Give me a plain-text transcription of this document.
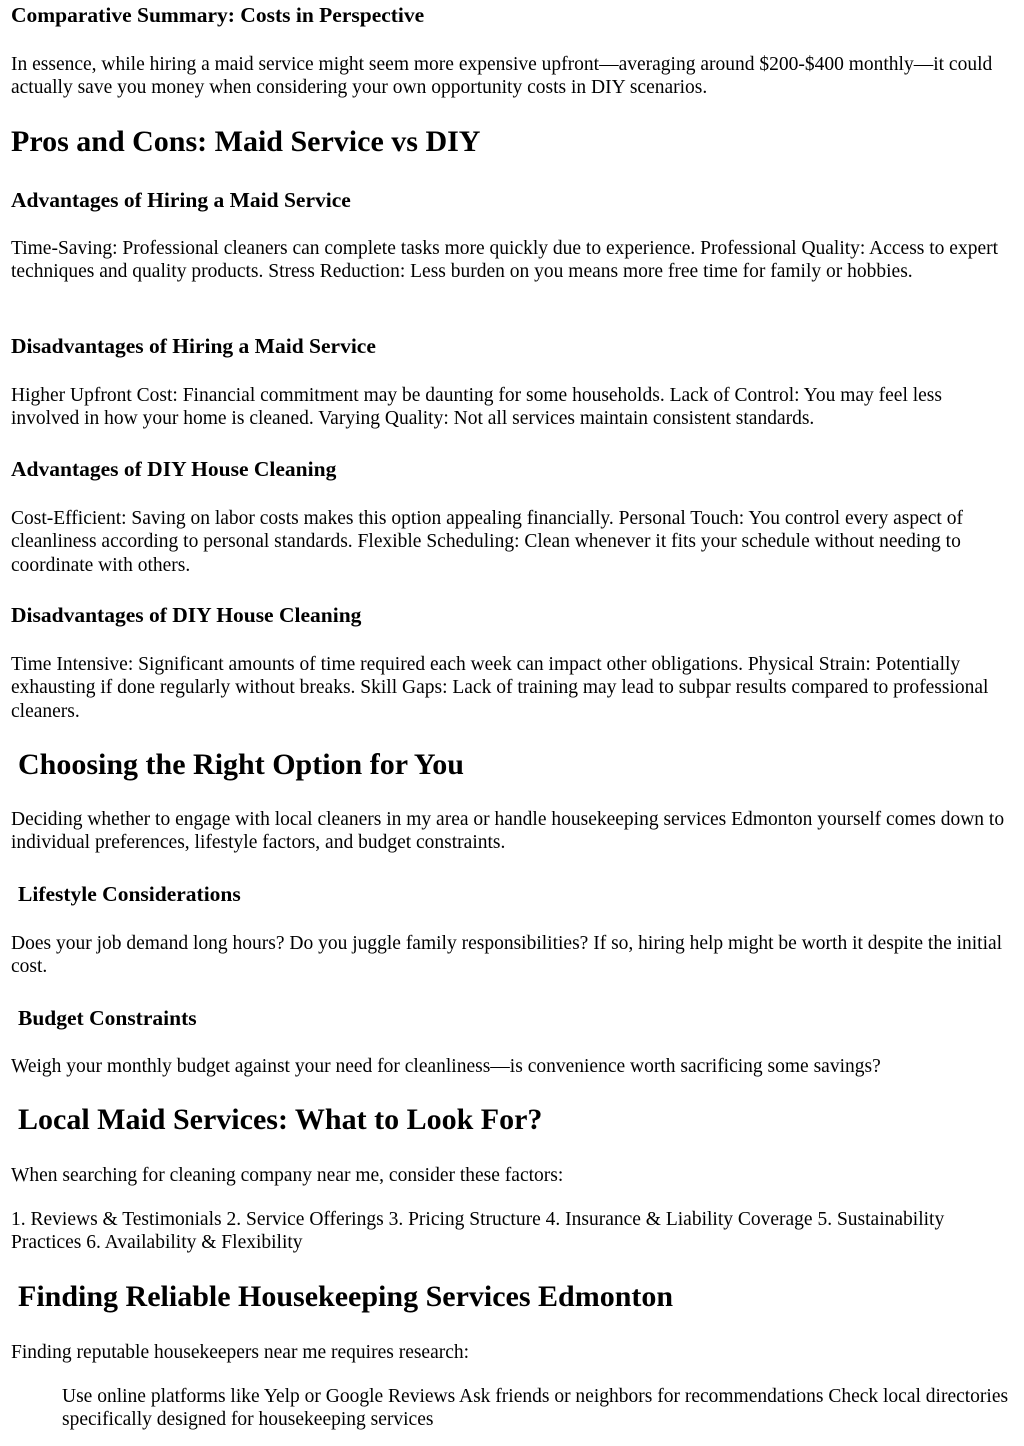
Comparative Summary: Costs in Perspective

In essence, while hiring a maid service might seem more expensive upfront—averaging around $200-$400 monthly—it could actually save you money when considering your own opportunity costs in DIY scenarios.

Pros and Cons: Maid Service vs DIY
Advantages of Hiring a Maid Service

Time-Saving: Professional cleaners can complete tasks more quickly due to experience. Professional Quality: Access to expert techniques and quality products. Stress Reduction: Less burden on you means more free time for family or hobbies.

Disadvantages of Hiring a Maid Service

Higher Upfront Cost: Financial commitment may be daunting for some households. Lack of Control: You may feel less involved in how your home is cleaned. Varying Quality: Not all services maintain consistent standards.

Advantages of DIY House Cleaning

Cost-Efficient: Saving on labor costs makes this option appealing financially. Personal Touch: You control every aspect of cleanliness according to personal standards. Flexible Scheduling: Clean whenever it fits your schedule without needing to coordinate with others.

Disadvantages of DIY House Cleaning

Time Intensive: Significant amounts of time required each week can impact other obligations. Physical Strain: Potentially exhausting if done regularly without breaks. Skill Gaps: Lack of training may lead to subpar results compared to professional cleaners.

Choosing the Right Option for You

Deciding whether to engage with local cleaners in my area or handle housekeeping services Edmonton yourself comes down to individual preferences, lifestyle factors, and budget constraints.

Lifestyle Considerations

Does your job demand long hours? Do you juggle family responsibilities? If so, hiring help might be worth it despite the initial cost.

Budget Constraints

Weigh your monthly budget against your need for cleanliness—is convenience worth sacrificing some savings?

Local Maid Services: What to Look For?

When searching for cleaning company near me, consider these factors:

1. Reviews & Testimonials 2. Service Offerings 3. Pricing Structure 4. Insurance & Liability Coverage 5. Sustainability Practices 6. Availability & Flexibility

Finding Reliable Housekeeping Services Edmonton

Finding reputable housekeepers near me requires research:

Use online platforms like Yelp or Google Reviews Ask friends or neighbors for recommendations Check local directories specifically designed for housekeeping services
